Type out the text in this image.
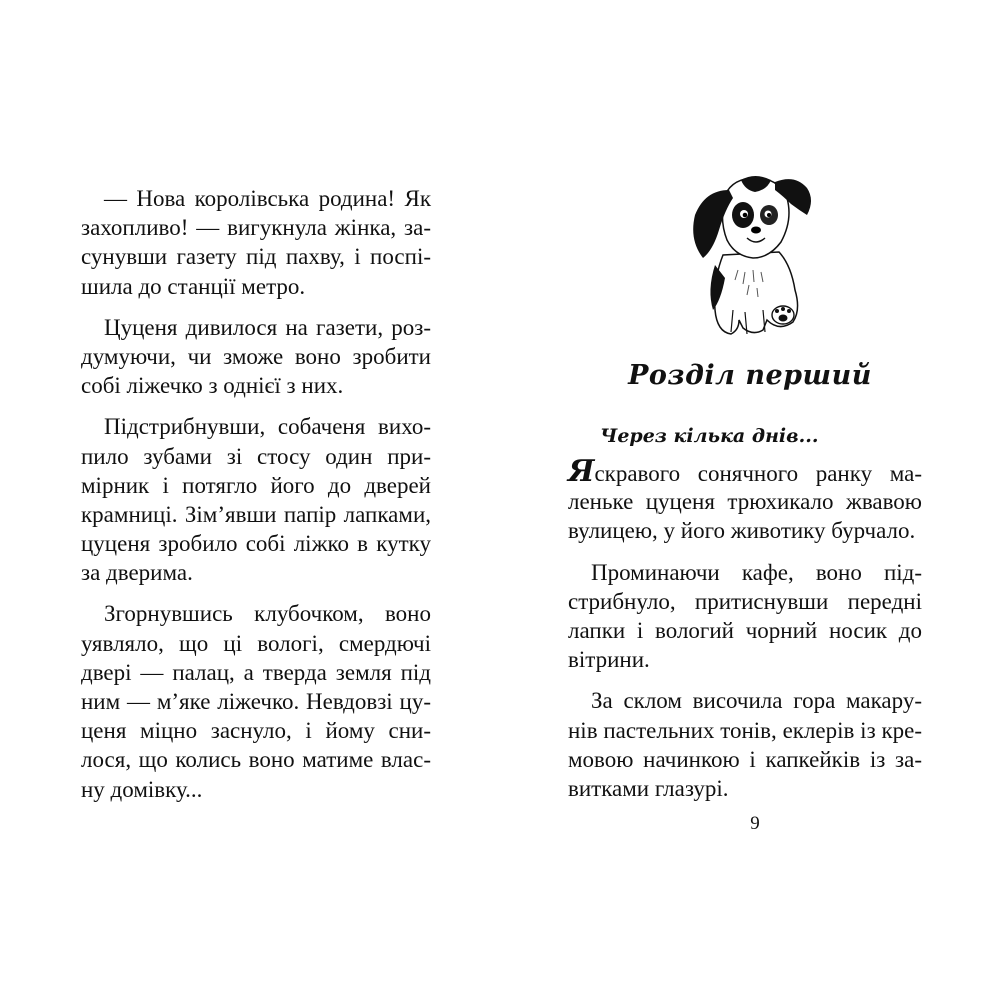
— Нова королівська родина! Як
захопливо! — вигукнула жінка, за-
сунувши газету під пахву, і поспі-
шила до станції метро.
Цуценя дивилося на газети, роз-
думуючи, чи зможе воно зробити
собі ліжечко з однієї з них.
Підстрибнувши, собаченя вихо-
пило зубами зі стосу один при-
мірник і потягло його до дверей
крамниці. Зім’явши папір лапками,
цуценя зробило собі ліжко в кутку
за дверима.
Згорнувшись клубочком, воно
уявляло, що ці вологі, смердючі
двері — палац, а тверда земля під
ним — м’яке ліжечко. Невдовзі цу-
ценя міцно заснуло, і йому сни-
лося, що колись воно матиме влас-
ну домівку...
Розділ перший
Через кілька днів...
Яскравого сонячного ранку ма-
леньке цуценя трюхикало жвавою
вулицею, у його животику бурчало.
Проминаючи кафе, воно під-
стрибнуло, притиснувши передні
лапки і вологий чорний носик до
вітрини.
За склом височила гора макару-
нів пастельних тонів, еклерів із кре-
мовою начинкою і капкейків із за-
витками глазурі.
9
